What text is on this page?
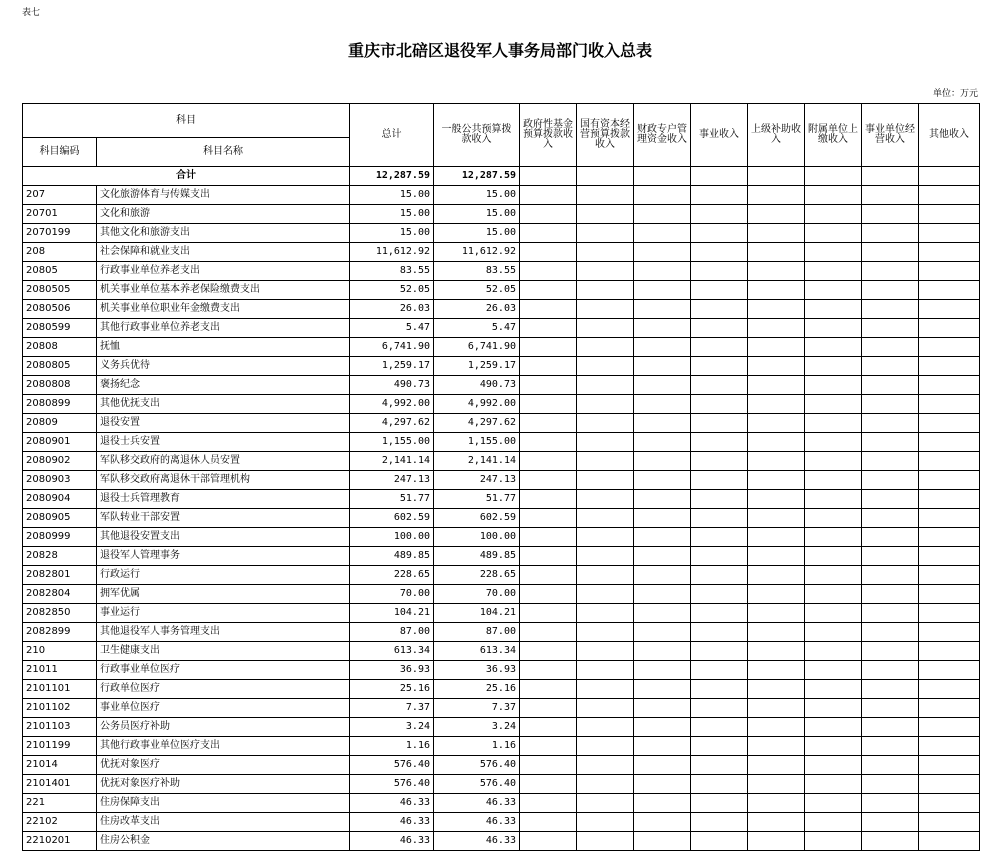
表七
重庆市北碚区退役军人事务局部门收入总表
单位：万元
科目		总计	一般公共预算拨款收入	政府性基金预算拨款收入	国有资本经营预算拨款收入	财政专户管理资金收入	事业收入	上级补助收入	附属单位上缴收入	事业单位经营收入	其他收入
科目编码	科目名称										
合计		12,287.59	12,287.59								
207	文化旅游体育与传媒支出	15.00	15.00								
20701	文化和旅游	15.00	15.00								
2070199	其他文化和旅游支出	15.00	15.00								
208	社会保障和就业支出	11,612.92	11,612.92								
20805	行政事业单位养老支出	83.55	83.55								
2080505	机关事业单位基本养老保险缴费支出	52.05	52.05								
2080506	机关事业单位职业年金缴费支出	26.03	26.03								
2080599	其他行政事业单位养老支出	5.47	5.47								
20808	抚恤	6,741.90	6,741.90								
2080805	义务兵优待	1,259.17	1,259.17								
2080808	褒扬纪念	490.73	490.73								
2080899	其他优抚支出	4,992.00	4,992.00								
20809	退役安置	4,297.62	4,297.62								
2080901	退役士兵安置	1,155.00	1,155.00								
2080902	军队移交政府的离退休人员安置	2,141.14	2,141.14								
2080903	军队移交政府离退休干部管理机构	247.13	247.13								
2080904	退役士兵管理教育	51.77	51.77								
2080905	军队转业干部安置	602.59	602.59								
2080999	其他退役安置支出	100.00	100.00								
20828	退役军人管理事务	489.85	489.85								
2082801	行政运行	228.65	228.65								
2082804	拥军优属	70.00	70.00								
2082850	事业运行	104.21	104.21								
2082899	其他退役军人事务管理支出	87.00	87.00								
210	卫生健康支出	613.34	613.34								
21011	行政事业单位医疗	36.93	36.93								
2101101	行政单位医疗	25.16	25.16								
2101102	事业单位医疗	7.37	7.37								
2101103	公务员医疗补助	3.24	3.24								
2101199	其他行政事业单位医疗支出	1.16	1.16								
21014	优抚对象医疗	576.40	576.40								
2101401	优抚对象医疗补助	576.40	576.40								
221	住房保障支出	46.33	46.33								
22102	住房改革支出	46.33	46.33								
2210201	住房公积金	46.33	46.33								
